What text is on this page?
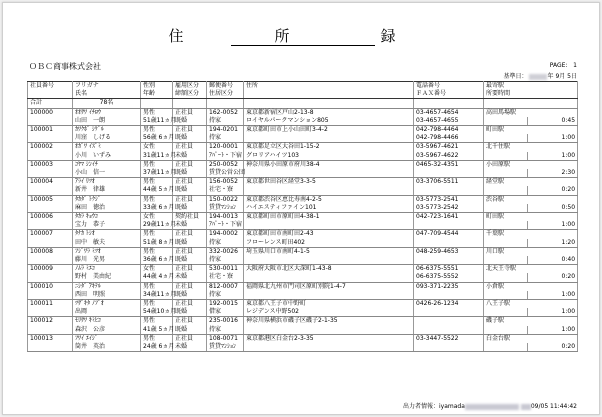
住　所　録
ＯＢＣ商事株式会社	PAGE: 1
基準日：	年 9月 5日
社員番号	フリガナ	性別	雇用区分	郵便番号	住所	電話番号	最寄駅	
	氏名	年齢	締額区分	住居区分		ＦＡＸ番号	所要時間	
合計	78名							
100000	ｵｵｻﾜ ｲﾁﾛｳ	男性	正社員	162-0052	東京都新宿区戸山2-13-8	03-4657-4654	高田馬場駅	
	山田　一朗	51歳11ヵ月	既婚	持家	ロイヤルパークマンション805	03-4657-4655		0:45
100001	ｶﾜｸﾎﾞ ｼｹﾞﾙ	男性	正社員	194-0201	東京都町田市上小山田町3-4-2	042-798-4464	町田駅	
	川窪　しげる	56歳 6ヵ月	既婚	持家		042-798-4466		1:00
100002	ｵｶﾞﾜ ｲｽﾞﾐ	女性	正社員	120-0001	東京都足立区大谷田1-15-2	03-5967-4621	北千住駅	
	小川　いずみ	31歳11ヵ月	未婚	ｱﾊﾟｰﾄ・下宿	グロリアハイツ103	03-5967-4622		1:00
100003	ｺﾔﾏ ｼﾝｲﾁ	男性	正社員	250-0052	神奈川県小田原市府川38-4	0465-32-4351	小田原駅	
	小山　信一	37歳11ヵ月	既婚	賃貸公営公団				2:30
100004	ｱﾗｲ ﾘﾂｵ	男性	正社員	156-0052	東京都世田谷区経堂3-3-5	03-3706-5511	経堂駅	
	新井　律雄	44歳 5ヵ月	既婚	社宅・寮				0:20
100005	ﾀｶﾀﾞ ﾄｸｼﾞ	男性	正社員	150-0022	東京都渋谷区恵比寿南4-2-5	03-5773-2541	渋谷駅	
	麻田　徳治	33歳 6ヵ月	既婚	賃貸ﾏﾝｼｮﾝ	ハイエスティファイン101	03-5773-2542		0:50
100006	ﾀｶﾗ ｷｮｳｺ	女性	契約社員	194-0013	東京都町田市原町田4-38-1	042-723-1641	町田駅	
	宝力　恭子	29歳11ヵ月	未婚	ｱﾊﾟｰﾄ・下宿				1:00
100007	ﾀﾅｶ ﾄｼｵ	男性	正社員	194-0002	東京都町田市南町田2-43	047-709-4544	千葉駅	
	田中　敏夫	51歳 8ヵ月	既婚	持家	フローレンス町田402			1:20
100008	ﾌｼﾞﾜﾗ ﾐﾂｵ	男性	正社員	332-0026	埼玉県川口市南町4-1-5	048-259-4653	川口駅	
	藤川　光男	36歳 6ヵ月	既婚	持家				0:40
100009	ﾉﾑﾗ ﾐｴｺ	女性	正社員	530-0011	大阪府大阪市北区大深町1-43-8	06-6375-5551	北天王寺駅	
	野村　美由紀	44歳 4ヵ月	未婚	社宅・寮		06-6375-5552		0:20
100010	ﾆｼﾀﾞ ｱｷﾃﾙ	男性	正社員	812-0007	福岡県北九州市門司区原町別院1-4-7	093-371-2235	小倉駅	
	西田　明照	34歳11ヵ月	既婚	持家				1:00
100011	ﾂｻﾞｷﾀ ﾉﾌﾞｵ	男性	正社員	192-0015	東京都八王子市中野町	0426-26-1234	八王子駅	
	出岡	54歳10ヵ月	既婚	借家	レジデンス中野502			1:00
100012	ﾓﾘｻﾜ ｷﾐﾋｺ	男性	正社員	235-0016	神奈川県横浜市磯子区磯子2-1-35		磯子駅	
	森沢　公彦	41歳 5ヵ月	既婚	持家				1:00
100013	ﾌﾜｲ ｴｲｼﾞ	男性	正社員	108-0071	東京都港区白金台2-3-35	03-3447-5522	白金台駅	
	筒井　英治	24歳 6ヵ月	未婚	賃貸ﾏﾝｼｮﾝ				0:20
出力者情報：iyamada	09/05 11:44:42
